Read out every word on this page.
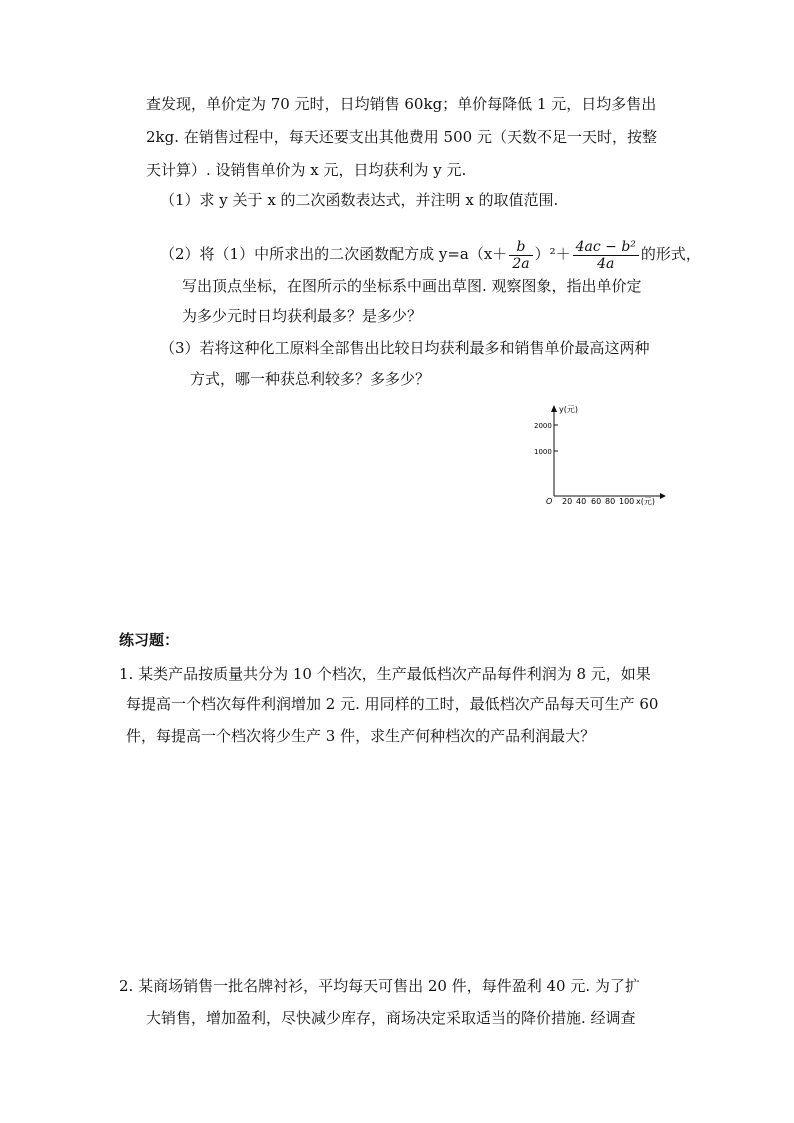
查发现，单价定为 70 元时，日均销售 60kg；单价每降低 1 元，日均多售出
2kg. 在销售过程中，每天还要支出其他费用 500 元（天数不足一天时，按整
天计算）. 设销售单价为 x 元，日均获利为 y 元.
（1）求 y 关于 x 的二次函数表达式，并注明 x 的取值范围.
（2）将（1）中所求出的二次函数配方成 $y=a(x+ \frac{b}{2a} )^2+ \frac{\text{4ac − b²}}{4a}$ 的形式，
写出顶点坐标，在图所示的坐标系中画出草图. 观察图象，指出单价定
为多少元时日均获利最多？是多少？
（3）若将这种化工原料全部售出比较日均获利最多和销售单价最高这两种
方式，哪一种获总利较多？多多少？
y(元)
2000
1000
O 20 40 60 80 100 x(元)
练习题：
1. 某类产品按质量共分为 10 个档次，生产最低档次产品每件利润为 8 元，如果
每提高一个档次每件利润增加 2 元. 用同样的工时，最低档次产品每天可生产 60
件，每提高一个档次将少生产 3 件，求生产何种档次的产品利润最大？
2. 某商场销售一批名牌衬衫，平均每天可售出 20 件，每件盈利 40 元. 为了扩
大销售，增加盈利，尽快减少库存，商场决定采取适当的降价措施. 经调查
